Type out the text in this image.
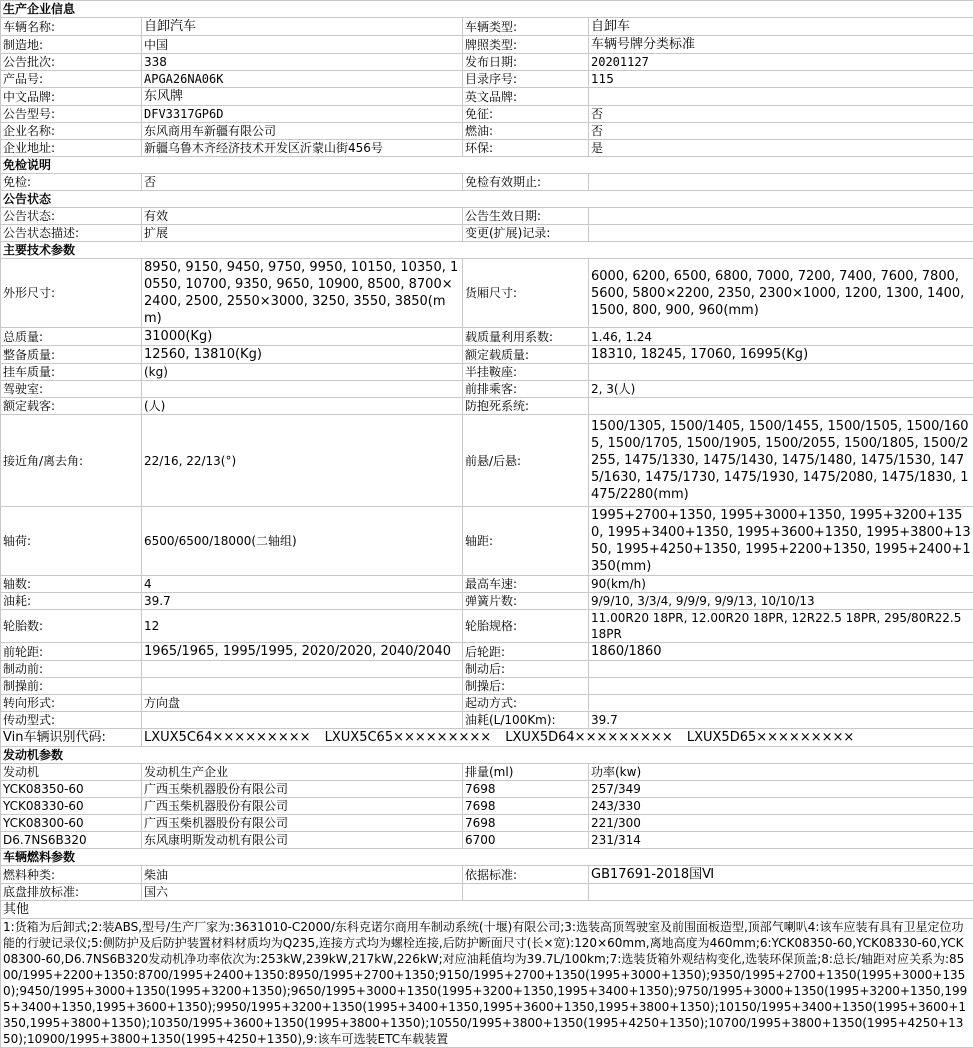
生产企业信息			
车辆名称:	自卸汽车	车辆类型:	自卸车
制造地:	中国	牌照类型:	车辆号牌分类标准
公告批次:	338	发布日期:	20201127
产品号:	APGA26NA06K	目录序号:	115
中文品牌:	东风牌	英文品牌:	
公告型号:	DFV3317GP6D	免征:	否
企业名称:	东风商用车新疆有限公司	燃油:	否
企业地址:	新疆乌鲁木齐经济技术开发区沂蒙山街456号	环保:	是
免检说明			
免检:	否	免检有效期止:	
公告状态			
公告状态:	有效	公告生效日期:	
公告状态描述:	扩展	变更(扩展)记录:	
主要技术参数			
外形尺寸:	8950, 9150, 9450, 9750, 9950, 10150, 10350, 10550, 10700, 9350, 9650, 10900, 8500, 8700×2400, 2500, 2550×3000, 3250, 3550, 3850(mm)	货厢尺寸:	6000, 6200, 6500, 6800, 7000, 7200, 7400, 7600, 7800, 5600, 5800×2200, 2350, 2300×1000, 1200, 1300, 1400, 1500, 800, 900, 960(mm)
总质量:	31000(Kg)	载质量利用系数:	1.46, 1.24
整备质量:	12560, 13810(Kg)	额定载质量:	18310, 18245, 17060, 16995(Kg)
挂车质量:	(kg)	半挂鞍座:	
驾驶室:		前排乘客:	2, 3(人)
额定载客:	(人)	防抱死系统:	
接近角/离去角:	22/16, 22/13(°)	前悬/后悬:	1500/1305, 1500/1405, 1500/1455, 1500/1505, 1500/1605, 1500/1705, 1500/1905, 1500/2055, 1500/1805, 1500/2255, 1475/1330, 1475/1430, 1475/1480, 1475/1530, 1475/1630, 1475/1730, 1475/1930, 1475/2080, 1475/1830, 1475/2280(mm)
轴荷:	6500/6500/18000(二轴组)	轴距:	1995+2700+1350, 1995+3000+1350, 1995+3200+1350, 1995+3400+1350, 1995+3600+1350, 1995+3800+1350, 1995+4250+1350, 1995+2200+1350, 1995+2400+1350(mm)
轴数:	4	最高车速:	90(km/h)
油耗:	39.7	弹簧片数:	9/9/10, 3/3/4, 9/9/9, 9/9/13, 10/10/13
轮胎数:	12	轮胎规格:	11.00R20 18PR, 12.00R20 18PR, 12R22.5 18PR, 295/80R22.5 18PR
前轮距:	1965/1965, 1995/1995, 2020/2020, 2040/2040	后轮距:	1860/1860
制动前:		制动后:	
制操前:		制操后:	
转向形式:	方向盘	起动方式:	
传动型式:		油耗(L/100Km):	39.7
Vin车辆识别代码:	LXUX5C64××××××××× LXUX5C65××××××××× LXUX5D64××××××××× LXUX5D65×××××××××		
发动机参数			
发动机	发动机生产企业	排量(ml)	功率(kw)
YCK08350-60	广西玉柴机器股份有限公司	7698	257/349
YCK08330-60	广西玉柴机器股份有限公司	7698	243/330
YCK08300-60	广西玉柴机器股份有限公司	7698	221/300
D6.7NS6B320	东风康明斯发动机有限公司	6700	231/314
车辆燃料参数			
燃料种类:	柴油	依据标准:	GB17691-2018国Ⅵ
底盘排放标准:	国六		
其他			
1:货箱为后卸式;2:装ABS,型号/生产厂家为:3631010-C2000/东科克诺尔商用车制动系统(十堰)有限公司;3:选装高顶驾驶室及前围面板造型,顶部气喇叭4:该车应装有具有卫星定位功能的行驶记录仪;5:侧防护及后防护装置材料材质均为Q235,连接方式均为螺栓连接,后防护断面尺寸(长×宽):120×60mm,离地高度为460mm;6:YCK08350-60,YCK08330-60,YCK08300-60,D6.7NS6B320发动机净功率依次为:253kW,239kW,217kW,226kW;对应油耗值均为39.7L/100km;7:选装货箱外观结构变化,选装环保顶盖;8:总长/轴距对应关系为:8500/1995+2200+1350:8700/1995+2400+1350:8950/1995+2700+1350;9150/1995+2700+1350(1995+3000+1350);9350/1995+2700+1350(1995+3000+1350);9450/1995+3000+1350(1995+3200+1350);9650/1995+3000+1350(1995+3200+1350,1995+3400+1350);9750/1995+3000+1350(1995+3200+1350,1995+3400+1350,1995+3600+1350);9950/1995+3200+1350(1995+3400+1350,1995+3600+1350,1995+3800+1350);10150/1995+3400+1350(1995+3600+1350,1995+3800+1350);10350/1995+3600+1350(1995+3800+1350);10550/1995+3800+1350(1995+4250+1350);10700/1995+3800+1350(1995+4250+1350);10900/1995+3800+1350(1995+4250+1350),9:该车可选装ETC车载装置			
